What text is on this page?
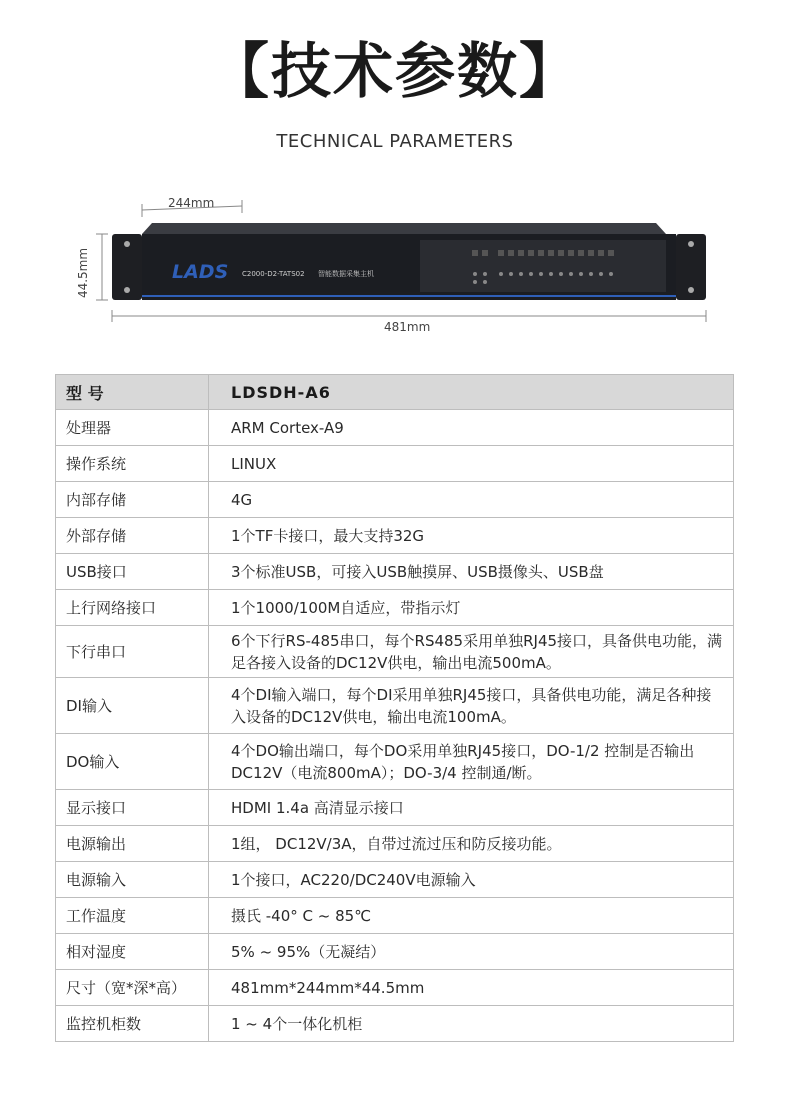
【技术参数】
TECHNICAL PARAMETERS
LADS C2000-D2-TATS02 智能数据采集主机
244mm
44.5mm
481mm
型 号	LDSDH-A6
处理器	ARM Cortex-A9
操作系统	LINUX
内部存储	4G
外部存储	1个TF卡接口，最大支持32G
USB接口	3个标准USB，可接入USB触摸屏、USB摄像头、USB盘
上行网络接口	1个1000/100M自适应，带指示灯
下行串口	6个下行RS-485串口，每个RS485采用单独RJ45接口，具备供电功能，满足各接入设备的DC12V供电，输出电流500mA。
DI输入	4个DI输入端口，每个DI采用单独RJ45接口，具备供电功能，满足各种接入设备的DC12V供电，输出电流100mA。
DO输入	4个DO输出端口，每个DO采用单独RJ45接口，DO-1/2 控制是否输出DC12V（电流800mA）；DO-3/4 控制通/断。
显示接口	HDMI 1.4a 高清显示接口
电源输出	1组， DC12V/3A，自带过流过压和防反接功能。
电源输入	1个接口，AC220/DC240V电源输入
工作温度	摄氏 -40° C ~ 85℃
相对湿度	5% ~ 95%（无凝结）
尺寸（宽*深*高）	481mm*244mm*44.5mm
监控机柜数	1 ~ 4个一体化机柜
